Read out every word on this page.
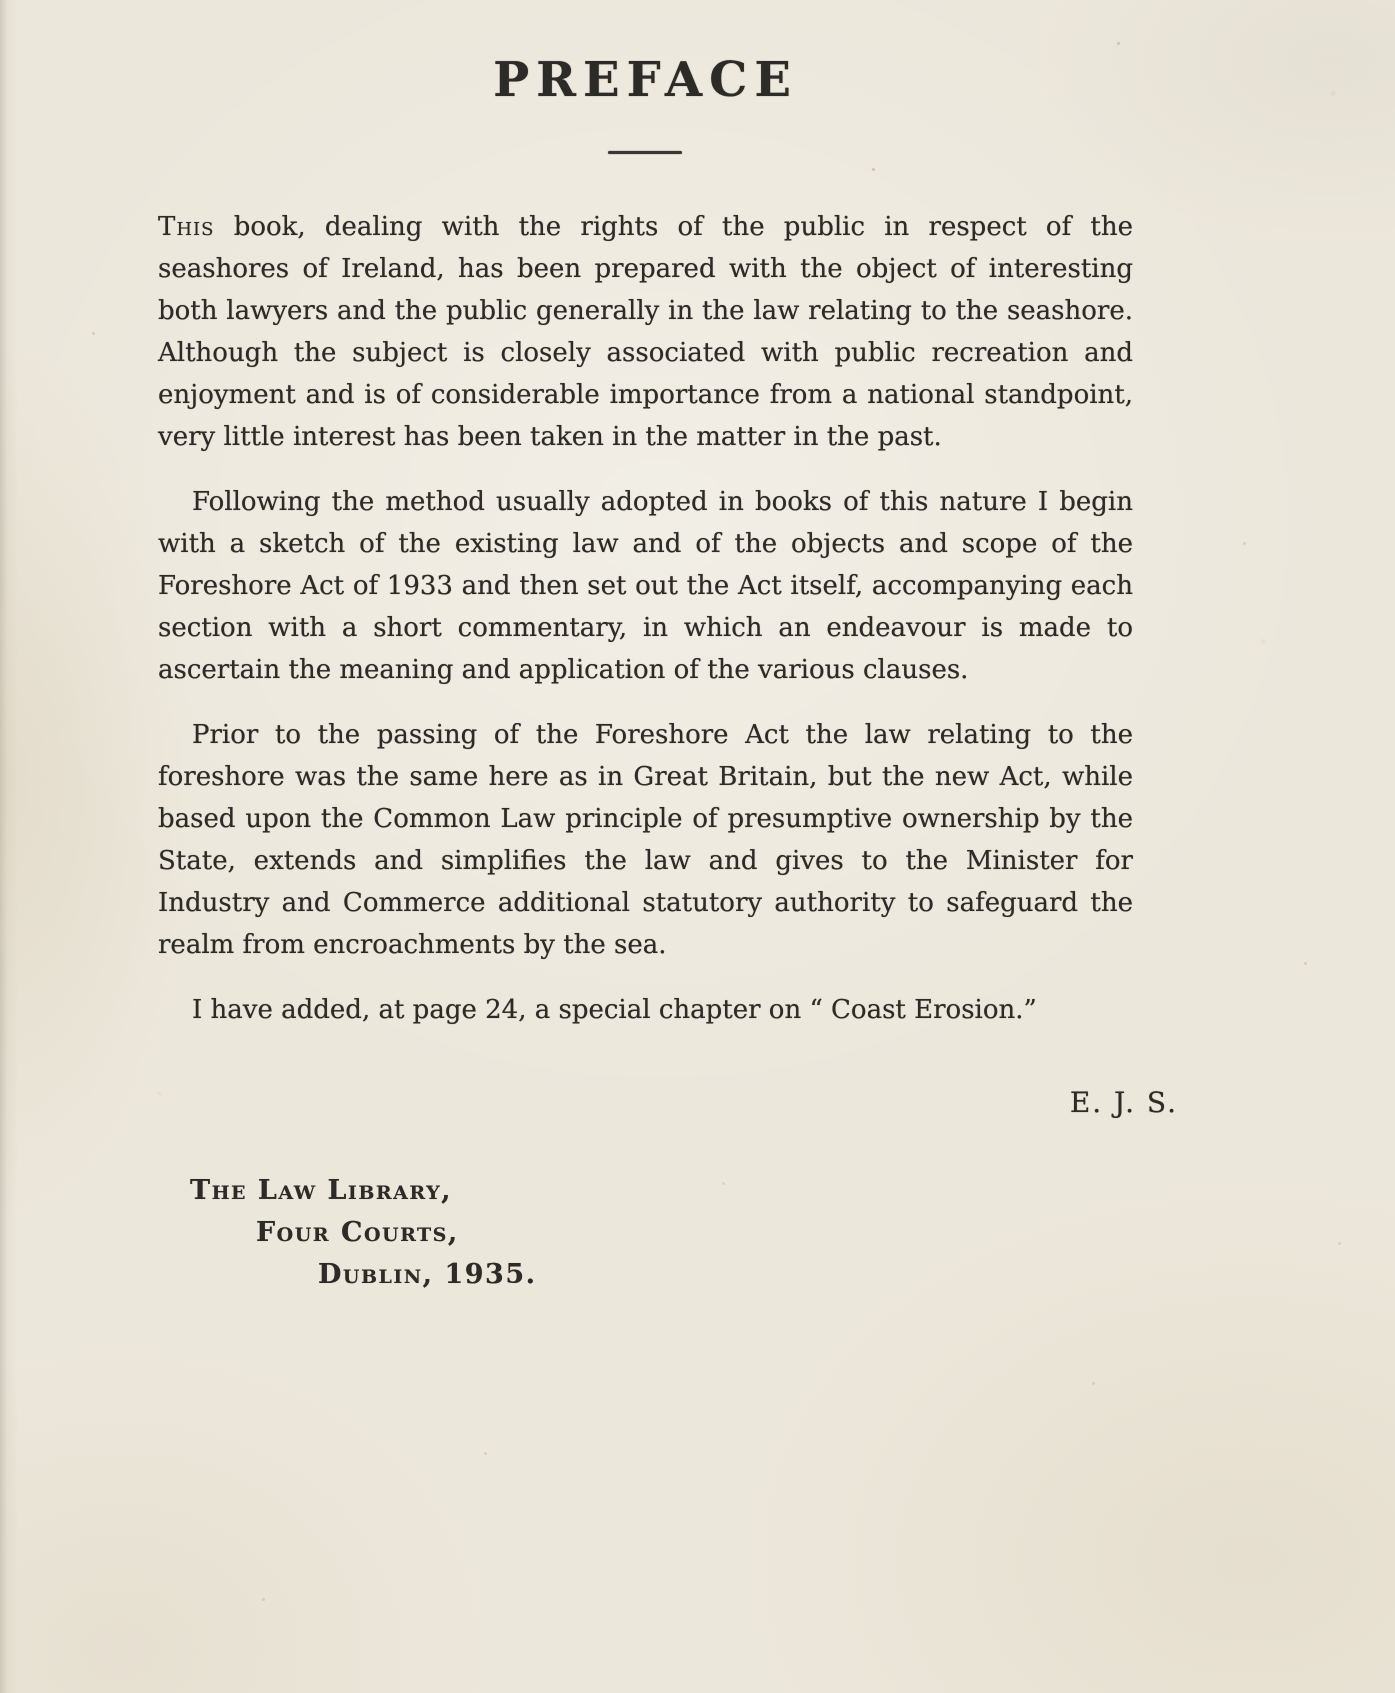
PREFACE

This book, dealing with the rights of the public in respect of the seashores of Ireland, has been prepared with the object of interesting both lawyers and the public generally in the law relating to the seashore. Although the subject is closely associated with public recreation and enjoyment and is of considerable importance from a national standpoint, very little interest has been taken in the matter in the past.

Following the method usually adopted in books of this nature I begin with a sketch of the existing law and of the objects and scope of the Foreshore Act of 1933 and then set out the Act itself, accompanying each section with a short commentary, in which an endeavour is made to ascertain the meaning and application of the various clauses.

Prior to the passing of the Foreshore Act the law relating to the foreshore was the same here as in Great Britain, but the new Act, while based upon the Common Law principle of presumptive ownership by the State, extends and simplifies the law and gives to the Minister for Industry and Commerce additional statutory authority to safeguard the realm from encroachments by the sea.

I have added, at page 24, a special chapter on “ Coast Erosion.”

E. J. S.
The Law Library,
Four Courts,
Dublin, 1935.
